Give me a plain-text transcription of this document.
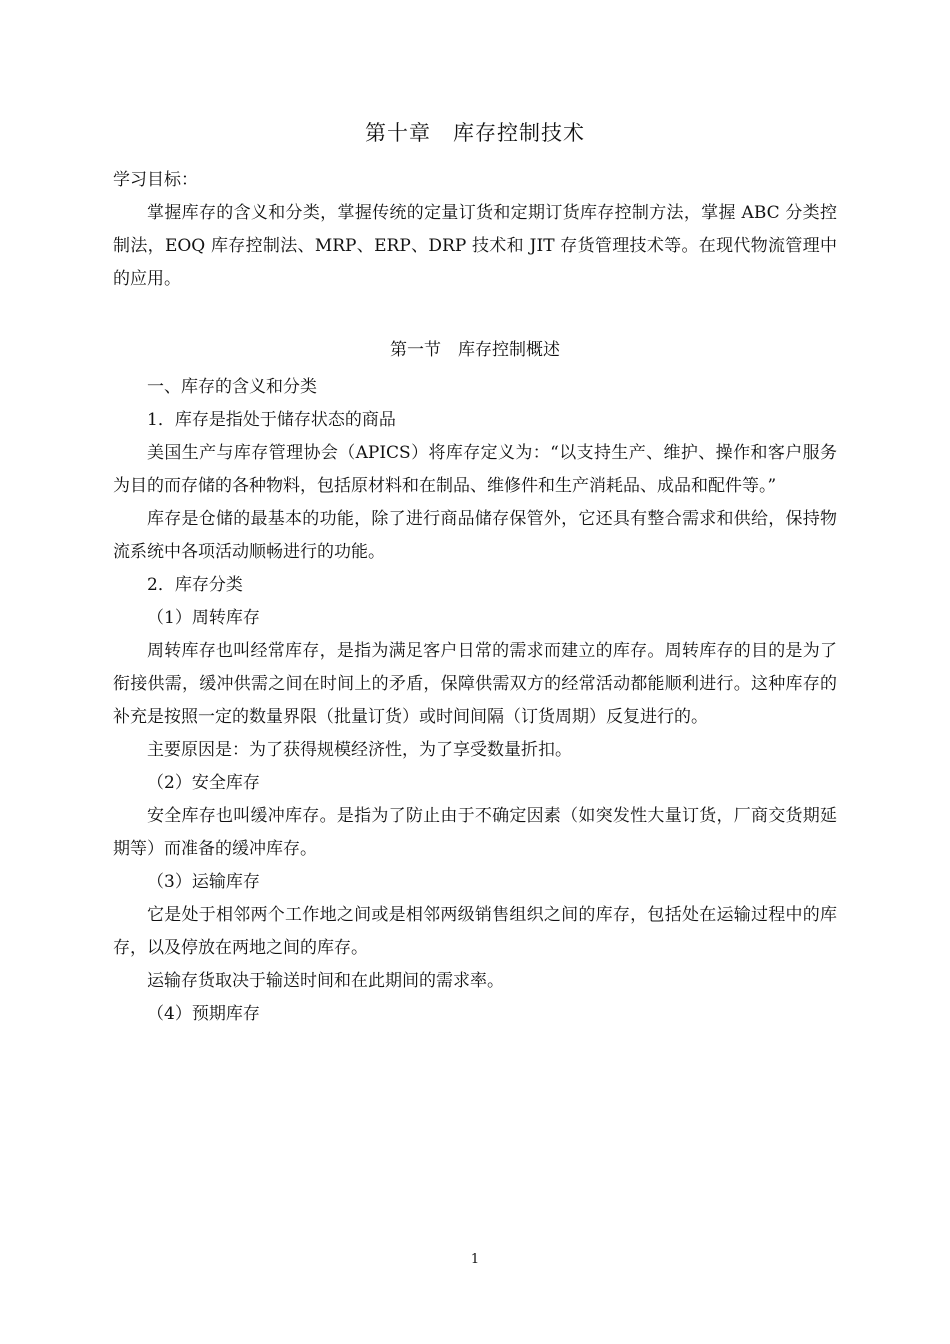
第十章　库存控制技术

学习目标：

掌握库存的含义和分类，掌握传统的定量订货和定期订货库存控制方法，掌握 ABC 分类控制法，EOQ 库存控制法、MRP、ERP、DRP 技术和 JIT 存货管理技术等。在现代物流管理中的应用。

第一节　库存控制概述

一、库存的含义和分类

1．库存是指处于储存状态的商品

美国生产与库存管理协会（APICS）将库存定义为：“以支持生产、维护、操作和客户服务为目的而存储的各种物料，包括原材料和在制品、维修件和生产消耗品、成品和配件等。”

库存是仓储的最基本的功能，除了进行商品储存保管外，它还具有整合需求和供给，保持物流系统中各项活动顺畅进行的功能。

2．库存分类

（1）周转库存

周转库存也叫经常库存，是指为满足客户日常的需求而建立的库存。周转库存的目的是为了衔接供需，缓冲供需之间在时间上的矛盾，保障供需双方的经常活动都能顺利进行。这种库存的补充是按照一定的数量界限（批量订货）或时间间隔（订货周期）反复进行的。

主要原因是：为了获得规模经济性，为了享受数量折扣。

（2）安全库存

安全库存也叫缓冲库存。是指为了防止由于不确定因素（如突发性大量订货，厂商交货期延期等）而准备的缓冲库存。

（3）运输库存

它是处于相邻两个工作地之间或是相邻两级销售组织之间的库存，包括处在运输过程中的库存，以及停放在两地之间的库存。

运输存货取决于输送时间和在此期间的需求率。

（4）预期库存

1
